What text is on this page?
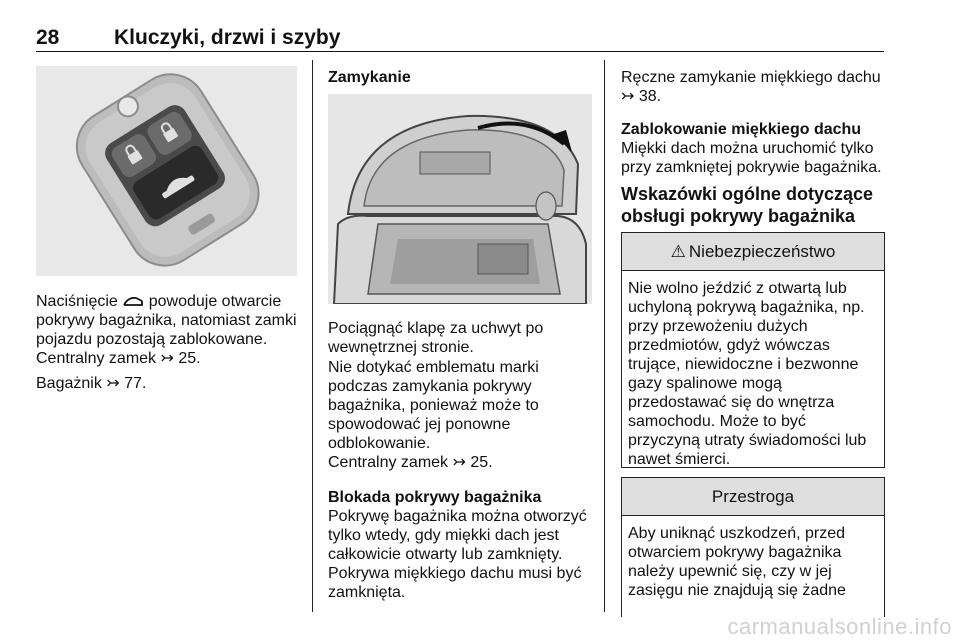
28	Kluczyki, drzwi i szyby
Naciśnięcie powoduje otwarcie pokrywy bagażnika, natomiast zamki pojazdu pozostają zablokowane.
Centralny zamek ↣ 25.
Bagażnik ↣ 77.
Zamykanie
Pociągnąć klapę za uchwyt po wewnętrznej stronie.
Nie dotykać emblematu marki podczas zamykania pokrywy bagażnika, ponieważ może to spowodować jej ponowne odblokowanie.
Centralny zamek ↣ 25.
Blokada pokrywy bagażnika
Pokrywę bagażnika można otworzyć tylko wtedy, gdy miękki dach jest całkowicie otwarty lub zamknięty. Pokrywa miękkiego dachu musi być zamknięta.
Ręczne zamykanie miękkiego dachu ↣ 38.
Zablokowanie miękkiego dachu
Miękki dach można uruchomić tylko przy zamkniętej pokrywie bagażnika.
Wskazówki ogólne dotyczące obsługi pokrywy bagażnika
⚠ Niebezpieczeństwo
Nie wolno jeździć z otwartą lub uchyloną pokrywą bagażnika, np. przy przewożeniu dużych przedmiotów, gdyż wówczas trujące, niewidoczne i bezwonne gazy spalinowe mogą przedostawać się do wnętrza samochodu. Może to być przyczyną utraty świadomości lub nawet śmierci.
Przestroga
Aby uniknąć uszkodzeń, przed otwarciem pokrywy bagażnika należy upewnić się, czy w jej zasięgu nie znajdują się żadne
carmanualsonline.info
